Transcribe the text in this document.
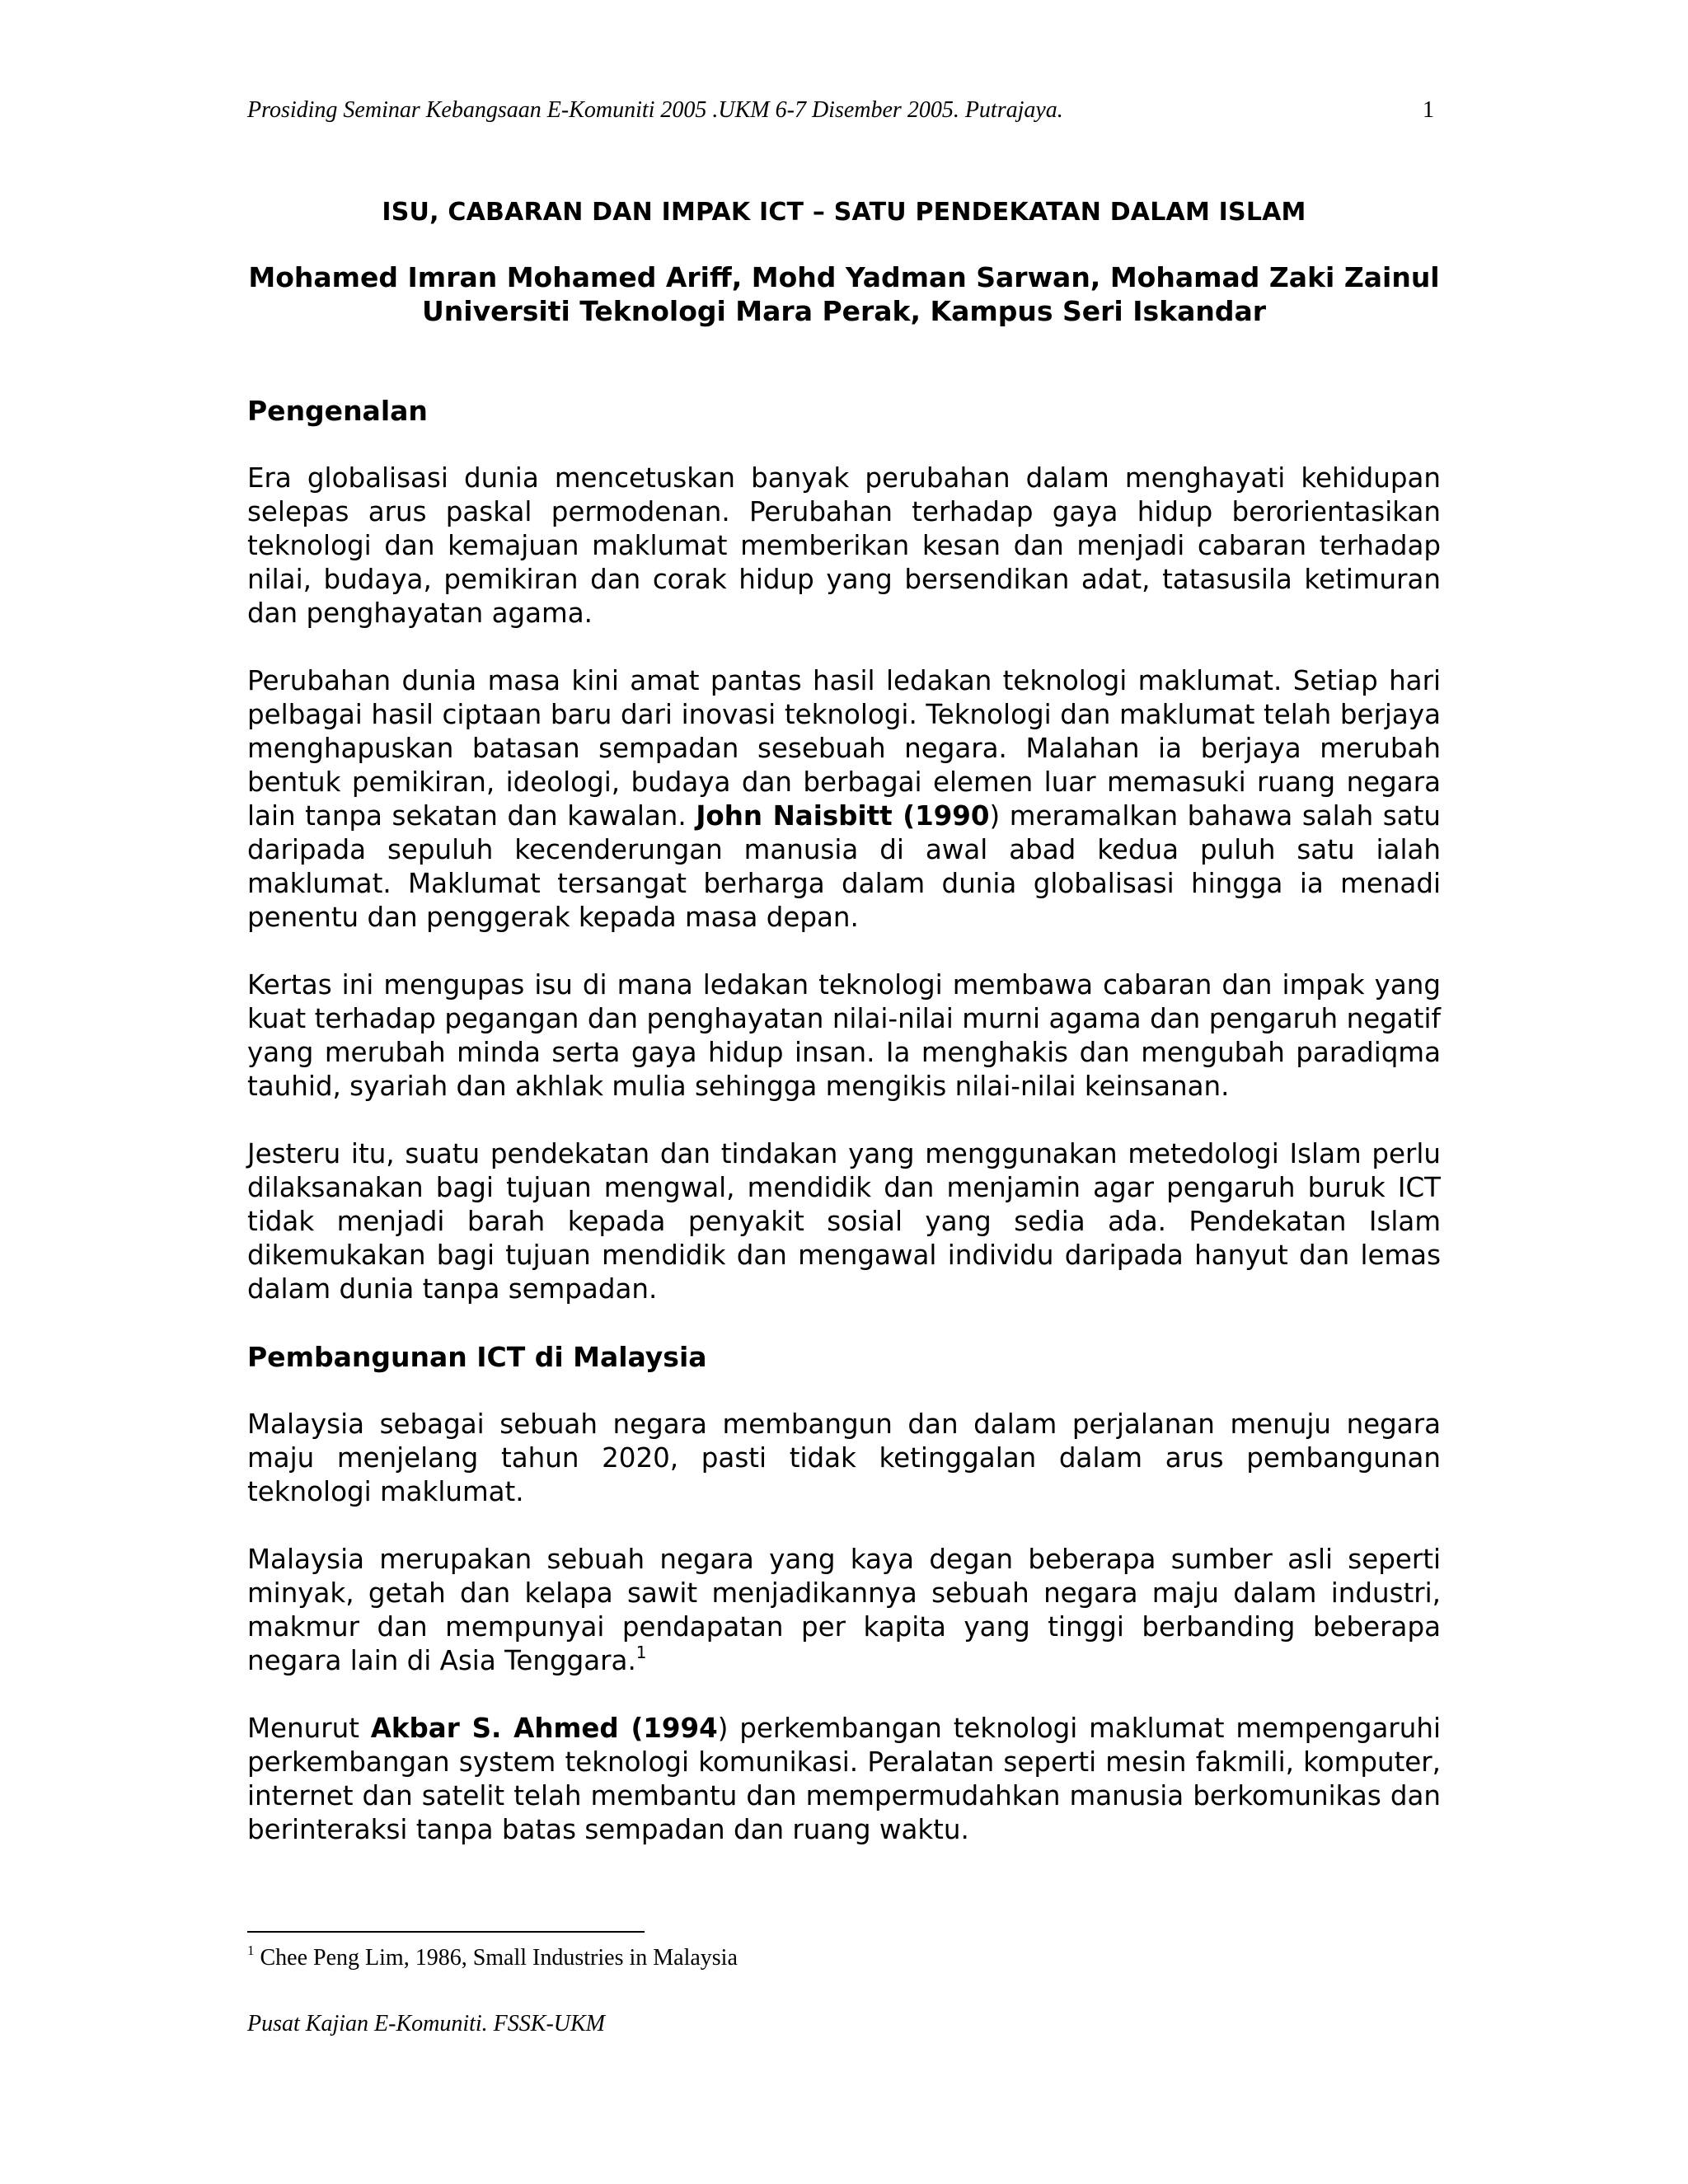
Prosiding Seminar Kebangsaan E-Komuniti 2005 .UKM 6-7 Disember 2005. Putrajaya.	1
ISU, CABARAN DAN IMPAK ICT – SATU PENDEKATAN DALAM ISLAM
Mohamed Imran Mohamed Ariff, Mohd Yadman Sarwan, Mohamad Zaki Zainul
Universiti Teknologi Mara Perak, Kampus Seri Iskandar
Pengenalan

Era globalisasi dunia mencetuskan banyak perubahan dalam menghayati kehidupan selepas arus paskal permodenan. Perubahan terhadap gaya hidup berorientasikan teknologi dan kemajuan maklumat memberikan kesan dan menjadi cabaran terhadap nilai, budaya, pemikiran dan corak hidup yang bersendikan adat, tatasusila ketimuran dan penghayatan agama.

Perubahan dunia masa kini amat pantas hasil ledakan teknologi maklumat. Setiap hari pelbagai hasil ciptaan baru dari inovasi teknologi. Teknologi dan maklumat telah berjaya menghapuskan batasan sempadan sesebuah negara. Malahan ia berjaya merubah bentuk pemikiran, ideologi, budaya dan berbagai elemen luar memasuki ruang negara lain tanpa sekatan dan kawalan. John Naisbitt (1990) meramalkan bahawa salah satu daripada sepuluh kecenderungan manusia di awal abad kedua puluh satu ialah maklumat. Maklumat tersangat berharga dalam dunia globalisasi hingga ia menadi penentu dan penggerak kepada masa depan.

Kertas ini mengupas isu di mana ledakan teknologi membawa cabaran dan impak yang kuat terhadap pegangan dan penghayatan nilai-nilai murni agama dan pengaruh negatif yang merubah minda serta gaya hidup insan. Ia menghakis dan mengubah paradiqma tauhid, syariah dan akhlak mulia sehingga mengikis nilai-nilai keinsanan.

Jesteru itu, suatu pendekatan dan tindakan yang menggunakan metedologi Islam perlu dilaksanakan bagi tujuan mengwal, mendidik dan menjamin agar pengaruh buruk ICT tidak menjadi barah kepada penyakit sosial yang sedia ada. Pendekatan Islam dikemukakan bagi tujuan mendidik dan mengawal individu daripada hanyut dan lemas dalam dunia tanpa sempadan.

Pembangunan ICT di Malaysia

Malaysia sebagai sebuah negara membangun dan dalam perjalanan menuju negara maju menjelang tahun 2020, pasti tidak ketinggalan dalam arus pembangunan teknologi maklumat.

Malaysia merupakan sebuah negara yang kaya degan beberapa sumber asli seperti minyak, getah dan kelapa sawit menjadikannya sebuah negara maju dalam industri, makmur dan mempunyai pendapatan per kapita yang tinggi berbanding beberapa negara lain di Asia Tenggara.$^1$

Menurut Akbar S. Ahmed (1994) perkembangan teknologi maklumat mempengaruhi perkembangan system teknologi komunikasi. Peralatan seperti mesin fakmili, komputer, internet dan satelit telah membantu dan mempermudahkan manusia berkomunikas dan berinteraksi tanpa batas sempadan dan ruang waktu.

$^1$ Chee Peng Lim, 1986, Small Industries in Malaysia
Pusat Kajian E-Komuniti. FSSK-UKM
